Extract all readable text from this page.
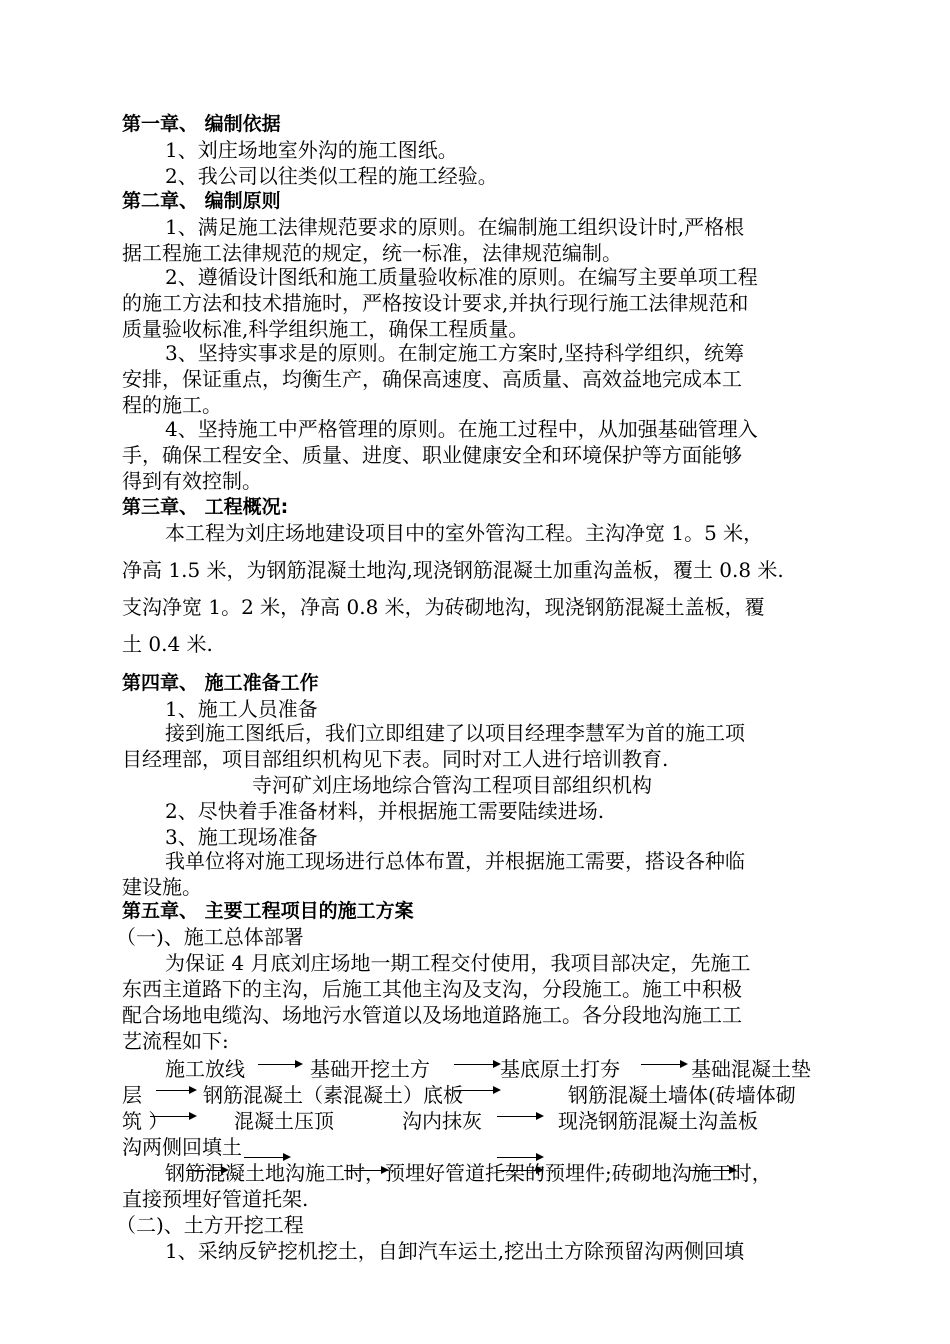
第一章、 编制依据
1、刘庄场地室外沟的施工图纸。
2、我公司以往类似工程的施工经验。
第二章、 编制原则
1、满足施工法律规范要求的原则。在编制施工组织设计时,严格根
据工程施工法律规范的规定，统一标准，法律规范编制。
2、遵循设计图纸和施工质量验收标准的原则。在编写主要单项工程
的施工方法和技术措施时，严格按设计要求,并执行现行施工法律规范和
质量验收标准,科学组织施工，确保工程质量。
3、坚持实事求是的原则。在制定施工方案时,坚持科学组织，统筹
安排，保证重点，均衡生产，确保高速度、高质量、高效益地完成本工
程的施工。
4、坚持施工中严格管理的原则。在施工过程中，从加强基础管理入
手，确保工程安全、质量、进度、职业健康安全和环境保护等方面能够
得到有效控制。
第三章、 工程概况:
本工程为刘庄场地建设项目中的室外管沟工程。主沟净宽 1。5 米，
净高 1.5 米，为钢筋混凝土地沟,现浇钢筋混凝土加重沟盖板，覆土 0.8 米.
支沟净宽 1。2 米，净高 0.8 米，为砖砌地沟，现浇钢筋混凝土盖板，覆
土 0.4 米.
第四章、 施工准备工作
1、施工人员准备
接到施工图纸后，我们立即组建了以项目经理李慧军为首的施工项
目经理部，项目部组织机构见下表。同时对工人进行培训教育.
寺河矿刘庄场地综合管沟工程项目部组织机构
2、尽快着手准备材料，并根据施工需要陆续进场.
3、施工现场准备
我单位将对施工现场进行总体布置，并根据施工需要，搭设各种临
建设施。
第五章、 主要工程项目的施工方案
（一)、施工总体部署
为保证 4 月底刘庄场地一期工程交付使用，我项目部决定，先施工
东西主道路下的主沟，后施工其他主沟及支沟，分段施工。施工中积极
配合场地电缆沟、场地污水管道以及场地道路施工。各分段地沟施工工
艺流程如下:
施工放线	基础开挖土方	基底原土打夯	基础混凝土垫
层	钢筋混凝土（素混凝土）底板	钢筋混凝土墙体(砖墙体砌
筑 ）	混凝土压顶	沟内抹灰	现浇钢筋混凝土沟盖板
沟两侧回填土
钢筋混凝土地沟施工时，预埋好管道托架的预埋件;砖砌地沟施工时，
直接预埋好管道托架.
（二)、土方开挖工程
1、采纳反铲挖机挖土，自卸汽车运土,挖出土方除预留沟两侧回填
